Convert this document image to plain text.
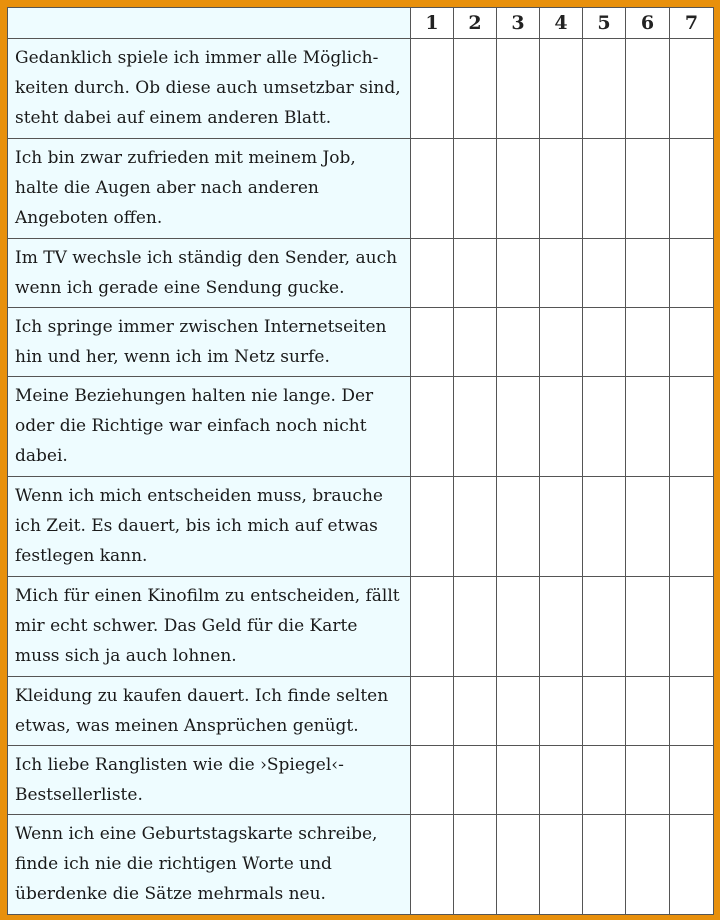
	1	2	3	4	5	6	7
Gedanklich spiele ich immer alle Möglich-keiten durch. Ob diese auch umsetzbar sind, steht dabei auf einem anderen Blatt.							
Ich bin zwar zufrieden mit meinem Job, halte die Augen aber nach anderen Angeboten offen.							
Im TV wechsle ich ständig den Sender, auch wenn ich gerade eine Sendung gucke.							
Ich springe immer zwischen Internetseiten hin und her, wenn ich im Netz surfe.							
Meine Beziehungen halten nie lange. Der oder die Richtige war einfach noch nicht dabei.							
Wenn ich mich entscheiden muss, brauche ich Zeit. Es dauert, bis ich mich auf etwas festlegen kann.							
Mich für einen Kinofilm zu entscheiden, fällt mir echt schwer. Das Geld für die Karte muss sich ja auch lohnen.							
Kleidung zu kaufen dauert. Ich finde selten etwas, was meinen Ansprüchen genügt.							
Ich liebe Ranglisten wie die ›Spiegel‹-Bestsellerliste.							
Wenn ich eine Geburtstagskarte schreibe, finde ich nie die richtigen Worte und überdenke die Sätze mehrmals neu.							
